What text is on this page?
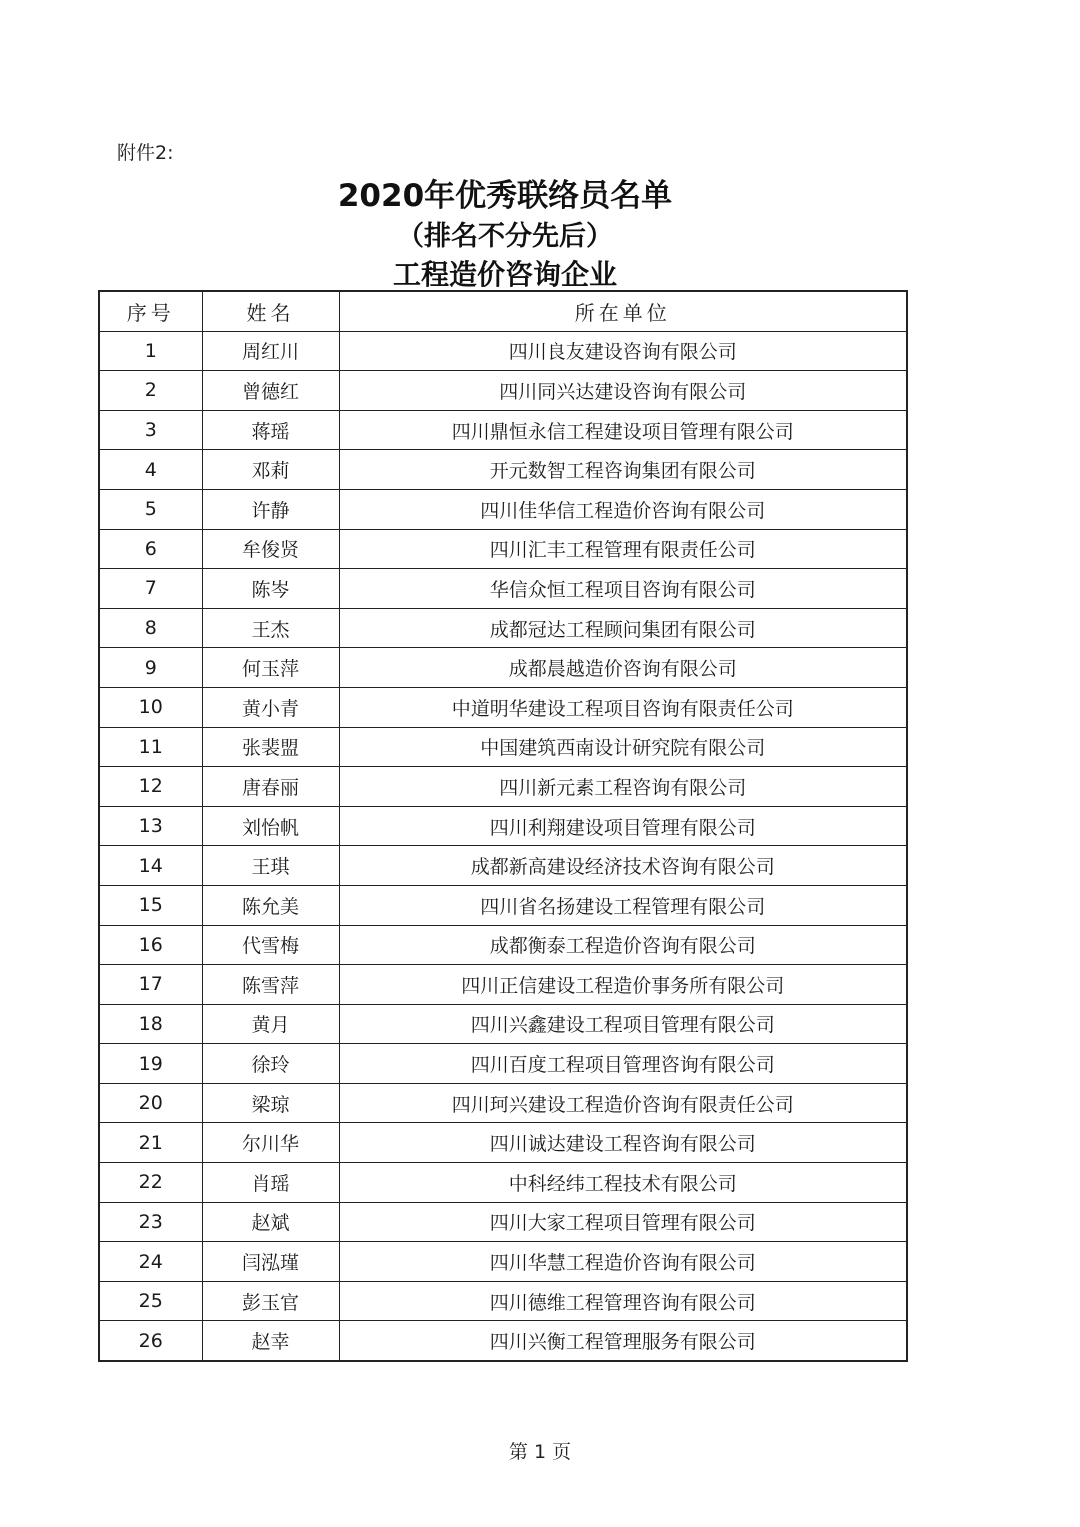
附件2:
2020年优秀联络员名单
（排名不分先后）
工程造价咨询企业
序号	姓名	所在单位
1	周红川	四川良友建设咨询有限公司
2	曾德红	四川同兴达建设咨询有限公司
3	蒋瑶	四川鼎恒永信工程建设项目管理有限公司
4	邓莉	开元数智工程咨询集团有限公司
5	许静	四川佳华信工程造价咨询有限公司
6	牟俊贤	四川汇丰工程管理有限责任公司
7	陈岑	华信众恒工程项目咨询有限公司
8	王杰	成都冠达工程顾问集团有限公司
9	何玉萍	成都晨越造价咨询有限公司
10	黄小青	中道明华建设工程项目咨询有限责任公司
11	张裴盟	中国建筑西南设计研究院有限公司
12	唐春丽	四川新元素工程咨询有限公司
13	刘怡帆	四川利翔建设项目管理有限公司
14	王琪	成都新高建设经济技术咨询有限公司
15	陈允美	四川省名扬建设工程管理有限公司
16	代雪梅	成都衡泰工程造价咨询有限公司
17	陈雪萍	四川正信建设工程造价事务所有限公司
18	黄月	四川兴鑫建设工程项目管理有限公司
19	徐玲	四川百度工程项目管理咨询有限公司
20	梁琼	四川珂兴建设工程造价咨询有限责任公司
21	尔川华	四川诚达建设工程咨询有限公司
22	肖瑶	中科经纬工程技术有限公司
23	赵斌	四川大家工程项目管理有限公司
24	闫泓瑾	四川华慧工程造价咨询有限公司
25	彭玉官	四川德维工程管理咨询有限公司
26	赵幸	四川兴衡工程管理服务有限公司
第 1 页
